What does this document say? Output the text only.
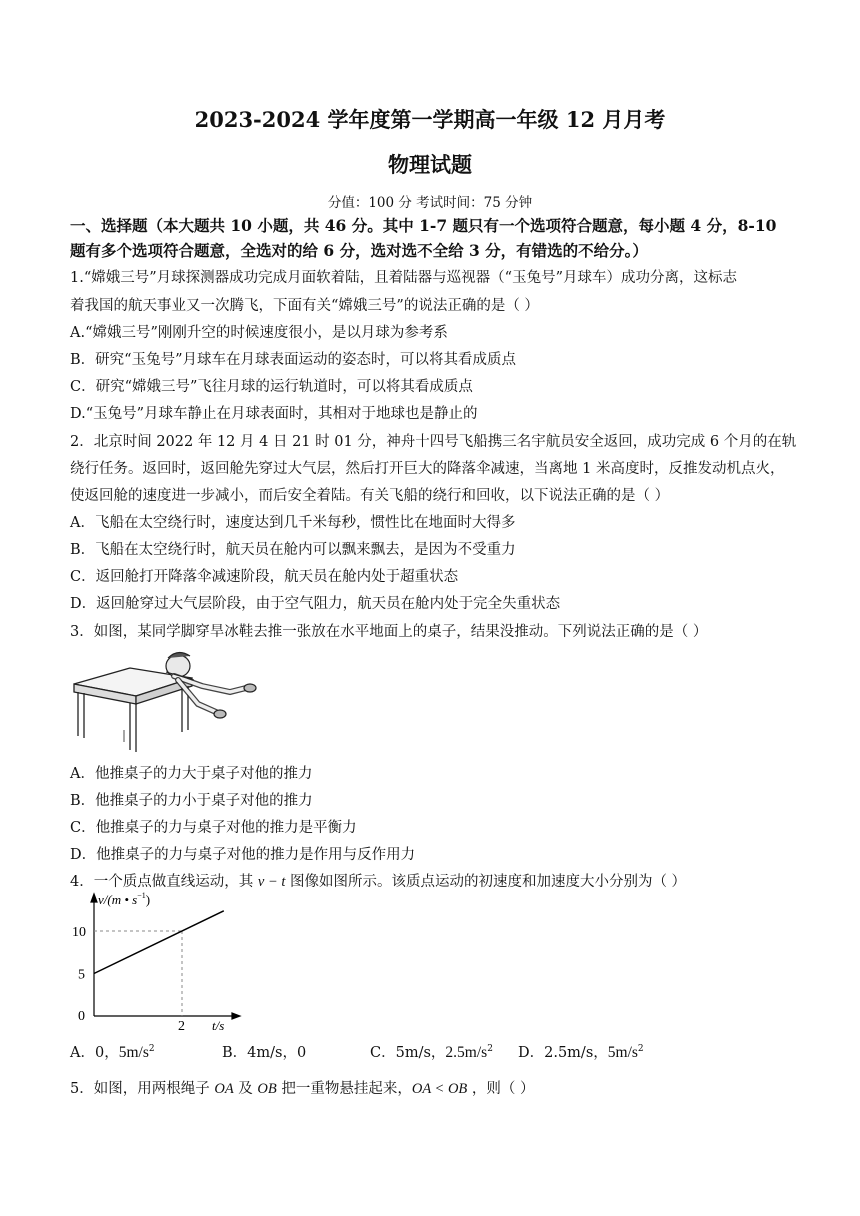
2023-2024 学年度第一学期高一年级 12 月月考
物理试题
分值：100 分 考试时间：75 分钟
一、选择题（本大题共 10 小题，共 46 分。其中 1-7 题只有一个选项符合题意，每小题 4 分，8-10
题有多个选项符合题意，全选对的给 6 分，选对选不全给 3 分，有错选的不给分。）
1.“嫦娥三号”月球探测器成功完成月面软着陆，且着陆器与巡视器（“玉兔号”月球车）成功分离，这标志
着我国的航天事业又一次腾飞，下面有关“嫦娥三号”的说法正确的是（ ）
A.“嫦娥三号”刚刚升空的时候速度很小，是以月球为参考系
B．研究“玉兔号”月球车在月球表面运动的姿态时，可以将其看成质点
C．研究“嫦娥三号”飞往月球的运行轨道时，可以将其看成质点
D.“玉兔号”月球车静止在月球表面时，其相对于地球也是静止的
2．北京时间 2022 年 12 月 4 日 21 时 01 分，神舟十四号飞船携三名宇航员安全返回，成功完成 6 个月的在轨
绕行任务。返回时，返回舱先穿过大气层，然后打开巨大的降落伞减速，当离地 1 米高度时，反推发动机点火，
使返回舱的速度进一步减小，而后安全着陆。有关飞船的绕行和回收，以下说法正确的是（ ）
A．飞船在太空绕行时，速度达到几千米每秒，惯性比在地面时大得多
B．飞船在太空绕行时，航天员在舱内可以飘来飘去，是因为不受重力
C．返回舱打开降落伞减速阶段，航天员在舱内处于超重状态
D．返回舱穿过大气层阶段，由于空气阻力，航天员在舱内处于完全失重状态
3．如图，某同学脚穿旱冰鞋去推一张放在水平地面上的桌子，结果没推动。下列说法正确的是（ ）
A．他推桌子的力大于桌子对他的推力
B．他推桌子的力小于桌子对他的推力
C．他推桌子的力与桌子对他的推力是平衡力
D．他推桌子的力与桌子对他的推力是作用与反作用力
4．一个质点做直线运动，其 v − t 图像如图所示。该质点运动的初速度和加速度大小分别为（ ）
v/(m • $s^{-1}$)
10
5
0
2 t/s
A．0，$5m/s^2$	B．4m/s，0	C．5m/s，$2.5m/s^2$ D．2.5m/s，$5m/s^2$
5．如图，用两根绳子 OA 及 OB 把一重物悬挂起来，OA < OB ，则（ ）
